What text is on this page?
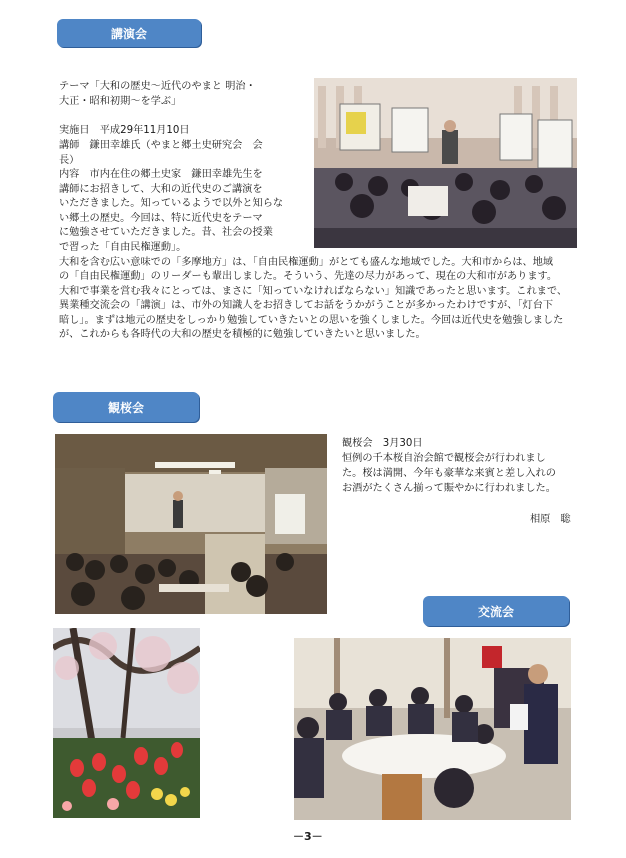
講演会
テーマ「大和の歴史～近代のやまと 明治・
大正・昭和初期～を学ぶ」
実施日　平成29年11月10日
講師　鎌田幸雄氏（やまと郷土史研究会　会
長）
内容　市内在住の郷土史家　鎌田幸雄先生を
講師にお招きして、大和の近代史のご講演を
いただきました。知っているようで以外と知らな
い郷土の歴史。今回は、特に近代史をテーマ
に勉強させていただきました。昔、社会の授業
で習った「自由民権運動」。
大和を含む広い意味での「多摩地方」は、「自由民権運動」がとても盛んな地域でした。大和市からは、地域
の「自由民権運動」のリーダーも輩出しました。そういう、先達の尽力があって、現在の大和市があります。
大和で事業を営む我々にとっては、まさに「知っていなければならない」知識であったと思います。これまで、
異業種交流会の「講演」は、市外の知識人をお招きしてお話をうかがうことが多かったわけですが、「灯台下
暗し」。まずは地元の歴史をしっかり勉強していきたいとの思いを強くしました。今回は近代史を勉強しました
が、これからも各時代の大和の歴史を積極的に勉強していきたいと思いました。
観桜会
観桜会　3月30日
恒例の千本桜自治会館で観桜会が行われまし
た。桜は満開、今年も豪華な来賓と差し入れの
お酒がたくさん揃って賑やかに行われました。
相原　聡
交流会
－3－
